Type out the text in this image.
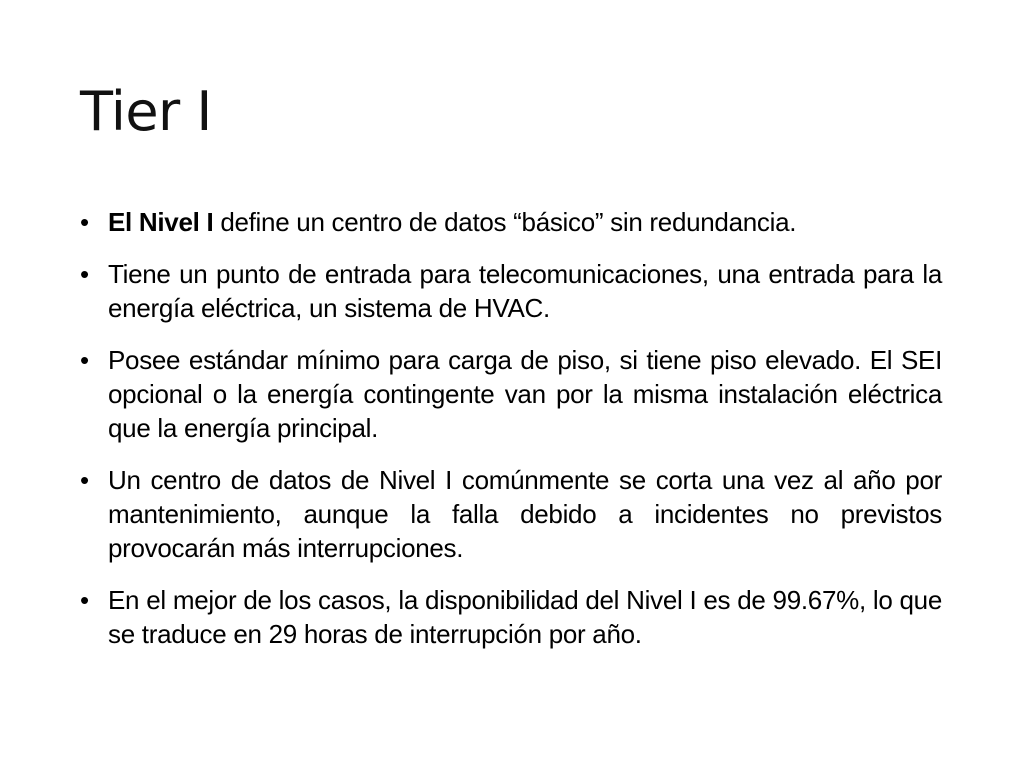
Tier I
• El Nivel I define un centro de datos “básico” sin redundancia.
• Tiene un punto de entrada para telecomunicaciones, una entrada para la energía eléctrica, un sistema de HVAC.
• Posee estándar mínimo para carga de piso, si tiene piso elevado. El SEI opcional o la energía contingente van por la misma instalación eléctrica que la energía principal.
• Un centro de datos de Nivel I comúnmente se corta una vez al año por mantenimiento, aunque la falla debido a incidentes no previstos provocarán más interrupciones.
• En el mejor de los casos, la disponibilidad del Nivel I es de 99.67%, lo que se traduce en 29 horas de interrupción por año.
